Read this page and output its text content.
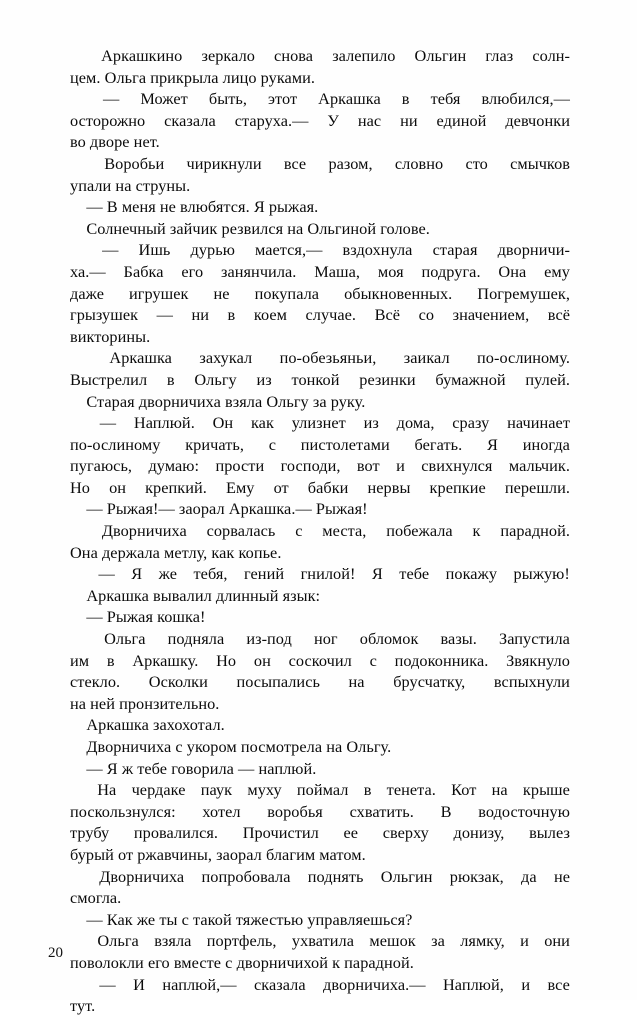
Аркашкино зеркало снова залепило Ольгин глаз солн-
цем. Ольга прикрыла лицо руками.
— Может быть, этот Аркашка в тебя влюбился,—
осторожно сказала старуха.— У нас ни единой девчонки
во дворе нет.
Воробьи чирикнули все разом, словно сто смычков
упали на струны.
 — В меня не влюбятся. Я рыжая.
 Солнечный зайчик резвился на Ольгиной голове.
— Ишь дурью мается,— вздохнула старая дворничи-
ха.— Бабка его занянчила. Маша, моя подруга. Она ему
даже игрушек не покупала обыкновенных. Погремушек,
грызушек — ни в коем случае. Всё со значением, всё
викторины.
Аркашка захукал по-обезьяньи, заикал по-ослиному.
Выстрелил в Ольгу из тонкой резинки бумажной пулей.
 Старая дворничиха взяла Ольгу за руку.
— Наплюй. Он как улизнет из дома, сразу начинает
по-ослиному кричать, с пистолетами бегать. Я иногда
пугаюсь, думаю: прости господи, вот и свихнулся мальчик.
Но он крепкий. Ему от бабки нервы крепкие перешли.
 — Рыжая!— заорал Аркашка.— Рыжая!
Дворничиха сорвалась с места, побежала к парадной.
Она держала метлу, как копье.
— Я же тебя, гений гнилой! Я тебе покажу рыжую!
 Аркашка вывалил длинный язык:
 — Рыжая кошка!
Ольга подняла из-под ног обломок вазы. Запустила
им в Аркашку. Но он соскочил с подоконника. Звякнуло
стекло. Осколки посыпались на брусчатку, вспыхнули
на ней пронзительно.
 Аркашка захохотал.
 Дворничиха с укором посмотрела на Ольгу.
 — Я ж тебе говорила — наплюй.
На чердаке паук муху поймал в тенета. Кот на крыше
поскользнулся: хотел воробья схватить. В водосточную
трубу провалился. Прочистил ее сверху донизу, вылез
бурый от ржавчины, заорал благим матом.
Дворничиха попробовала поднять Ольгин рюкзак, да не
смогла.
 — Как же ты с такой тяжестью управляешься?
Ольга взяла портфель, ухватила мешок за лямку, и они
поволокли его вместе с дворничихой к парадной.
— И наплюй,— сказала дворничиха.— Наплюй, и все
тут.
20
